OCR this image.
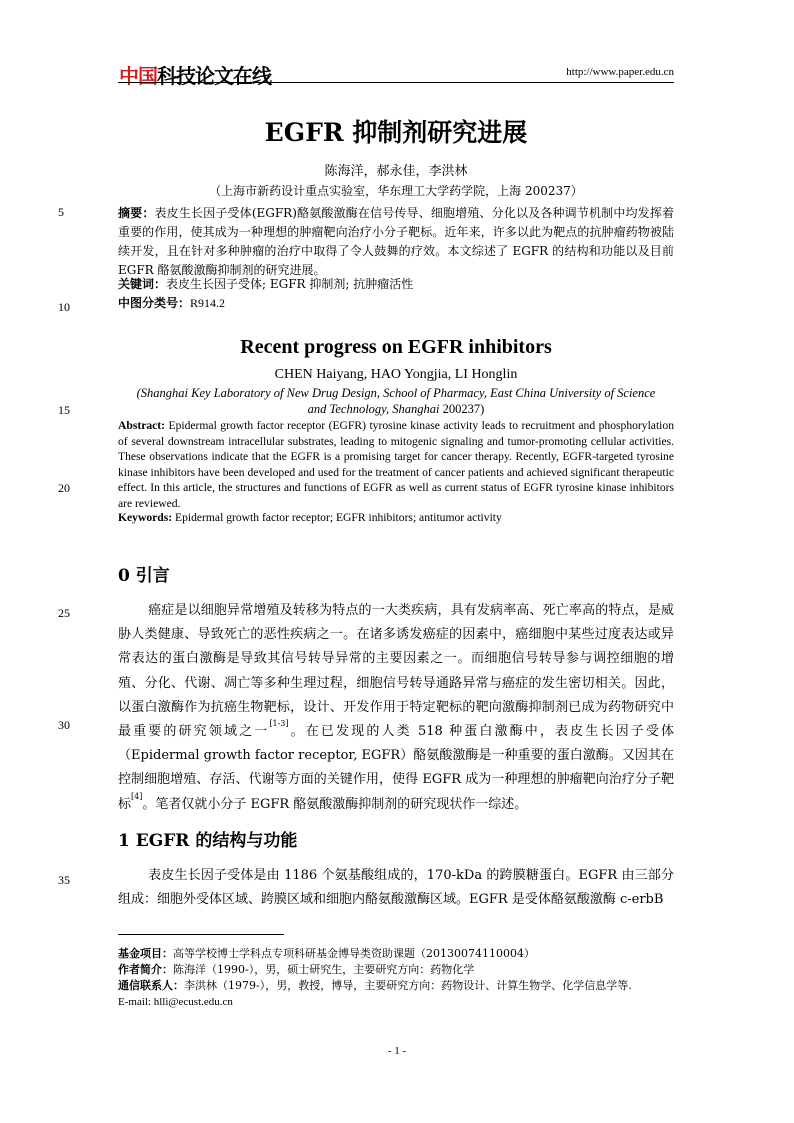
中国科技论文在线	http://www.paper.edu.cn
5
10
15
20
25
30
35
EGFR 抑制剂研究进展
陈海洋，郝永佳，李洪林
（上海市新药设计重点实验室，华东理工大学药学院，上海 200237）
摘要：表皮生长因子受体(EGFR)酪氨酸激酶在信号传导、细胞增殖、分化以及各种调节机制中均发挥着重要的作用，使其成为一种理想的肿瘤靶向治疗小分子靶标。近年来，许多以此为靶点的抗肿瘤药物被陆续开发，且在针对多种肿瘤的治疗中取得了令人鼓舞的疗效。本文综述了 EGFR 的结构和功能以及目前 EGFR 酪氨酸激酶抑制剂的研究进展。
关键词：表皮生长因子受体; EGFR 抑制剂; 抗肿瘤活性
中图分类号：R914.2
Recent progress on EGFR inhibitors
CHEN Haiyang, HAO Yongjia, LI Honglin
(Shanghai Key Laboratory of New Drug Design, School of Pharmacy, East China University of Science and Technology, Shanghai 200237)
Abstract: Epidermal growth factor receptor (EGFR) tyrosine kinase activity leads to recruitment and phosphorylation of several downstream intracellular substrates, leading to mitogenic signaling and tumor-promoting cellular activities. These observations indicate that the EGFR is a promising target for cancer therapy. Recently, EGFR-targeted tyrosine kinase inhibitors have been developed and used for the treatment of cancer patients and achieved significant therapeutic effect. In this article, the structures and functions of EGFR as well as current status of EGFR tyrosine kinase inhibitors are reviewed.
Keywords: Epidermal growth factor receptor; EGFR inhibitors; antitumor activity
0 引言
癌症是以细胞异常增殖及转移为特点的一大类疾病，具有发病率高、死亡率高的特点，是威胁人类健康、导致死亡的恶性疾病之一。在诸多诱发癌症的因素中，癌细胞中某些过度表达或异常表达的蛋白激酶是导致其信号转导异常的主要因素之一。而细胞信号转导参与调控细胞的增殖、分化、代谢、凋亡等多种生理过程，细胞信号转导通路异常与癌症的发生密切相关。因此，以蛋白激酶作为抗癌生物靶标，设计、开发作用于特定靶标的靶向激酶抑制剂已成为药物研究中最重要的研究领域之一[1-3]。在已发现的人类 518 种蛋白激酶中，表皮生长因子受体（Epidermal growth factor receptor, EGFR）酪氨酸激酶是一种重要的蛋白激酶。又因其在控制细胞增殖、存活、代谢等方面的关键作用，使得 EGFR 成为一种理想的肿瘤靶向治疗分子靶标[4]。笔者仅就小分子 EGFR 酪氨酸激酶抑制剂的研究现状作一综述。
1 EGFR 的结构与功能
表皮生长因子受体是由 1186 个氨基酸组成的，170-kDa 的跨膜糖蛋白。EGFR 由三部分组成：细胞外受体区域、跨膜区域和细胞内酪氨酸激酶区域。EGFR 是受体酪氨酸激酶 c-erbB
基金项目：高等学校博士学科点专项科研基金博导类资助课题（20130074110004）
作者简介：陈海洋（1990-），男，硕士研究生，主要研究方向：药物化学
通信联系人：李洪林（1979-），男，教授，博导，主要研究方向：药物设计、计算生物学、化学信息学等.
E-mail: hlli@ecust.edu.cn
- 1 -
